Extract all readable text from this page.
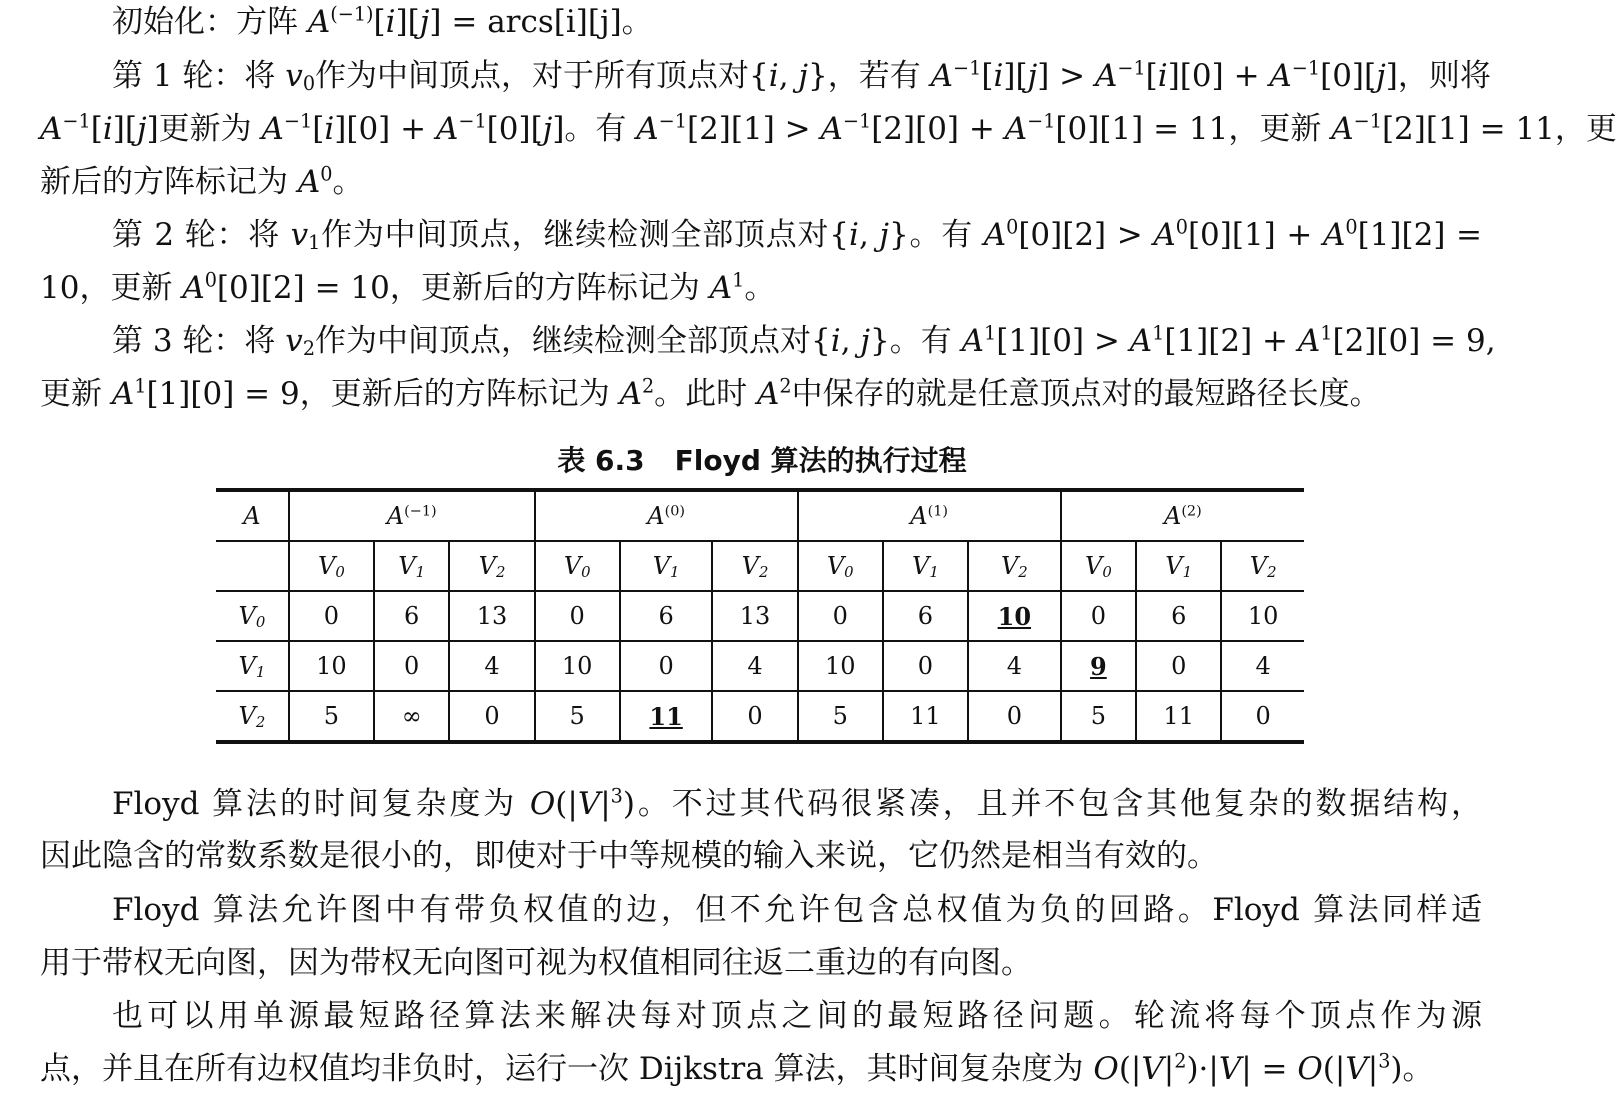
初始化：方阵 $A^{(-1)}[i][j]$ = arcs[i][j]。

第 1 轮：将 $v_0$作为中间顶点，对于所有顶点对{i, j}，若有 $A^{-1}[i][j] > A^{-1}[i][0] + A^{-1}[0][j]$，则将

$A^{-1}[i][j]$更新为 $A^{-1}[i][0] + A^{-1}[0][j]$。有 $A^{-1}[2][1] > A^{-1}[2][0] + A^{-1}[0][1] = 11$，更新 $A^{-1}[2][1] = 11$，更

新后的方阵标记为 $A^0$。

第 2 轮：将 $v_1$作为中间顶点，继续检测全部顶点对{i, j}。有 $A^0[0][2] > A^0[0][1] + A^0[1][2]$ =

10，更新 $A^0[0][2] = 10$，更新后的方阵标记为 $A^1$。

第 3 轮：将 $v_2$作为中间顶点，继续检测全部顶点对{i, j}。有 $A^1[1][0] > A^1[1][2] + A^1[2][0] = 9$,

更新 $A^1[1][0] = 9$，更新后的方阵标记为 $A^2$。此时 $A^2$中保存的就是任意顶点对的最短路径长度。

表 6.3 Floyd 算法的执行过程
A	$A^{(-1)}$			$A^{(0)}$			$A^{(1)}$			$A^{(2)}$
	$V_0$	$V_1$	$V_2$	$V_0$	$V_1$	$V_2$	$V_0$	$V_1$	$V_2$	$V_0$	$V_1$	$V_2$
$V_0$	0	6	13	0	6	13	0	6	10	0	6	10
$V_1$	10	0	4	10	0	4	10	0	4	9	0	4
$V_2$	5	∞	0	5	11	0	5	11	0	5	11	0

Floyd 算法的时间复杂度为 $O(|V|^3)$。不过其代码很紧凑，且并不包含其他复杂的数据结构，

因此隐含的常数系数是很小的，即使对于中等规模的输入来说，它仍然是相当有效的。

Floyd 算法允许图中有带负权值的边，但不允许包含总权值为负的回路。Floyd 算法同样适

用于带权无向图，因为带权无向图可视为权值相同往返二重边的有向图。

也可以用单源最短路径算法来解决每对顶点之间的最短路径问题。轮流将每个顶点作为源

点，并且在所有边权值均非负时，运行一次 Dijkstra 算法，其时间复杂度为 $O(|V|^2)\cdot|V| = O(|V|^3)$。
